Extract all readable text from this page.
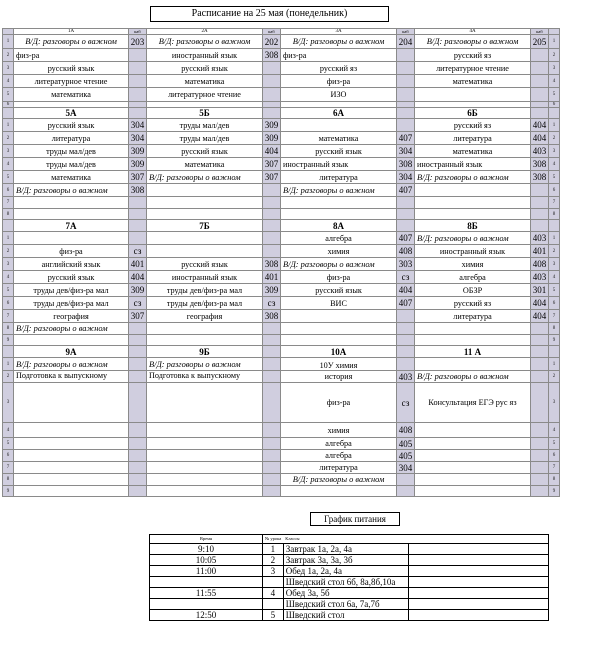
Расписание на 25 мая (понедельник)
	1А	каб	2А	каб	3А	каб	4А	каб	
1	В/Д: разговоры о важном	203	В/Д: разговоры о важном	202	В/Д: разговоры о важном	204	В/Д: разговоры о важном	205	1
2	физ-ра		иностранный язык	308	физ-ра		русский яз		2
3	русский язык		русский язык		русский яз		литературное чтение		3
4	литературное чтение		математика		физ-ра		математика		4
5	математика		литературное чтение		ИЗО				5
6									6
	5А		5Б		6А		6Б		
1	русский язык	304	труды мал/дев	309			русский яз	404	1
2	литература	304	труды мал/дев	309	математика	407	литература	404	2
3	труды мал/дев	309	русский язык	404	русский язык	304	математика	403	3
4	труды мал/дев	309	математика	307	иностранный язык	308	иностранный язык	308	4
5	математика	307	В/Д: разговоры о важном	307	литература	304	В/Д: разговоры о важном	308	5
6	В/Д: разговоры о важном	308			В/Д: разговоры о важном	407			6
7									7
8									8
	7А		7Б		8А		8Б		
1					алгебра	407	В/Д: разговоры о важном	403	1
2	физ-ра	сз			химия	408	иностранный язык	401	2
3	английский язык	401	русский язык	308	В/Д: разговоры о важном	303	химия	408	3
4	русский язык	404	иностранный язык	401	физ-ра	сз	алгебра	403	4
5	труды дев/физ-ра мал	309	труды дев/физ-ра мал	309	русский язык	404	ОБЗР	301	5
6	труды дев/физ-ра мал	сз	труды дев/физ-ра мал	сз	ВИС	407	русский яз	404	6
7	география	307	география	308			литература	404	7
8	В/Д: разговоры о важном								8
9									9
	9А		9Б		10А		11 А		
1	В/Д: разговоры о важном		В/Д: разговоры о важном		10У химия				1
2	Подготовка к выпускному		Подготовка к выпускному		история	403	В/Д: разговоры о важном		2
3					физ-ра	сз	Консультация ЕГЭ рус яз		3
4					химия	408			4
5					алгебра	405			5
6					алгебра	405			6
7					литература	304			7
8					В/Д: разговоры о важном				8
9									9
График питания
Время	№ урока	Классы	
9:10	1	Завтрак 1а, 2а, 4а	
10:05	2	Завтрак 3а, 3а, 3б	
11:00	3	Обед 1а, 2а, 4а	
		Шведский стол 6б, 8а,8б,10а	
11:55	4	Обед 3а, 5б	
		Шведский стол 6а, 7а,7б	
12:50	5	Шведский стол	
